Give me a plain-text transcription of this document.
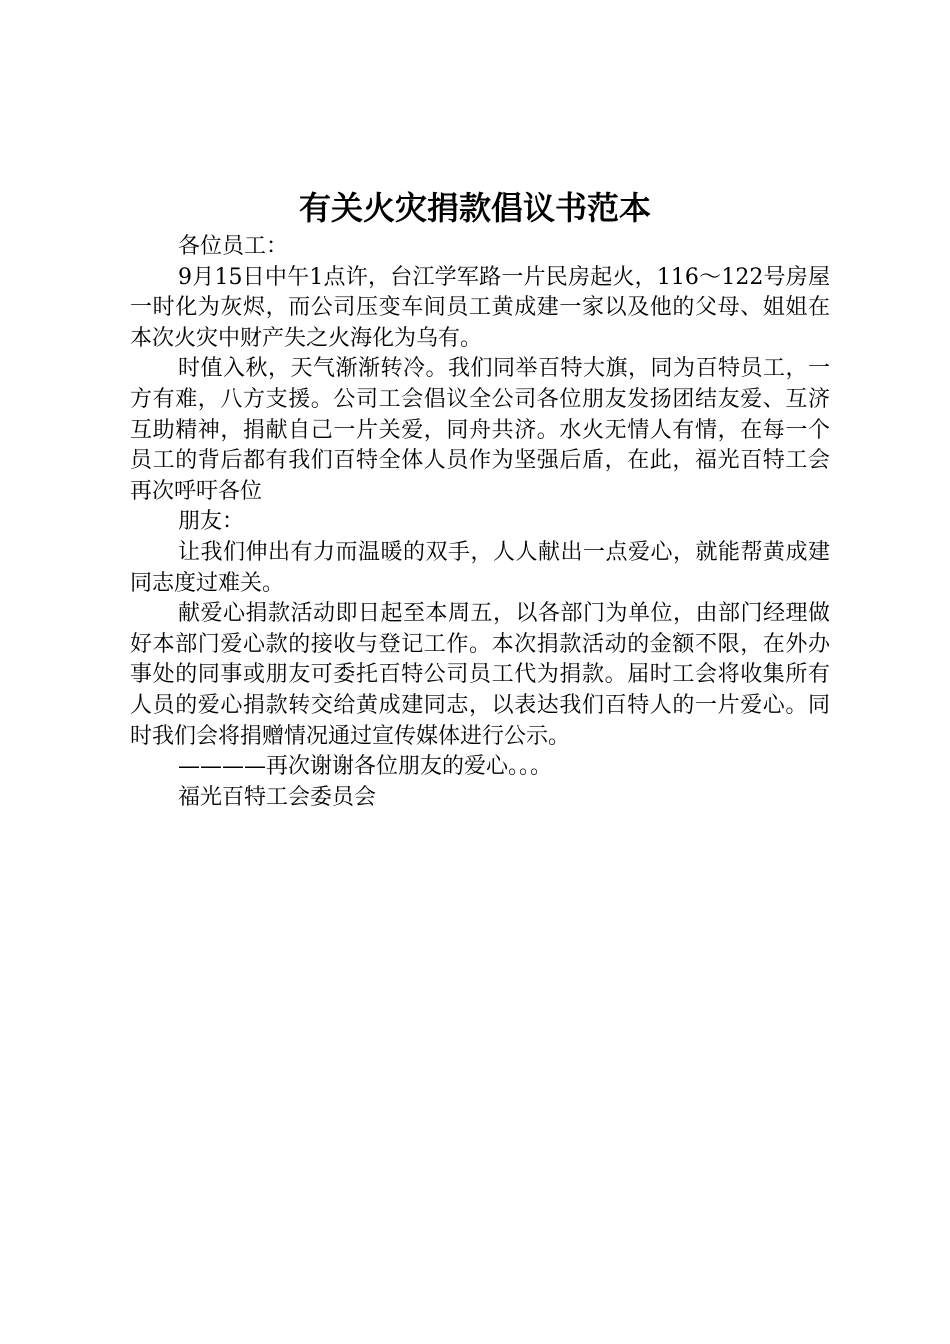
有关火灾捐款倡议书范本

各位员工：

9月15日中午1点许，台江学军路一片民房起火，116～122号房屋一时化为灰烬，而公司压变车间员工黄成建一家以及他的父母、姐姐在本次火灾中财产失之火海化为乌有。

时值入秋，天气渐渐转冷。我们同举百特大旗，同为百特员工，一方有难，八方支援。公司工会倡议全公司各位朋友发扬团结友爱、互济互助精神，捐献自己一片关爱，同舟共济。水火无情人有情，在每一个员工的背后都有我们百特全体人员作为坚强后盾，在此，福光百特工会再次呼吁各位

朋友：

让我们伸出有力而温暖的双手，人人献出一点爱心，就能帮黄成建同志度过难关。

献爱心捐款活动即日起至本周五，以各部门为单位，由部门经理做好本部门爱心款的接收与登记工作。本次捐款活动的金额不限，在外办事处的同事或朋友可委托百特公司员工代为捐款。届时工会将收集所有人员的爱心捐款转交给黄成建同志，以表达我们百特人的一片爱心。同时我们会将捐赠情况通过宣传媒体进行公示。

————再次谢谢各位朋友的爱心。。。

福光百特工会委员会
